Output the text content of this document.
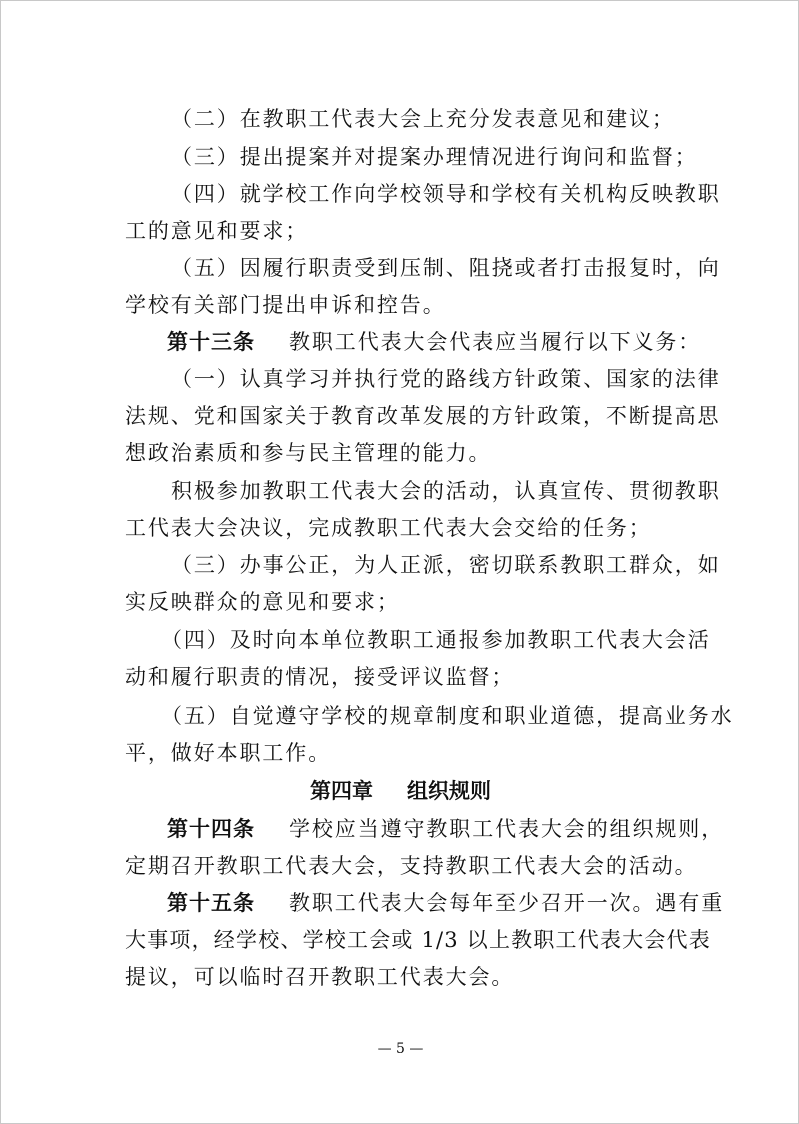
（二）在教职工代表大会上充分发表意见和建议；
（三）提出提案并对提案办理情况进行询问和监督；
（四）就学校工作向学校领导和学校有关机构反映教职
工的意见和要求；
（五）因履行职责受到压制、阻挠或者打击报复时，向
学校有关部门提出申诉和控告。
第十三条 教职工代表大会代表应当履行以下义务：
（一）认真学习并执行党的路线方针政策、国家的法律
法规、党和国家关于教育改革发展的方针政策，不断提高思
想政治素质和参与民主管理的能力。
积极参加教职工代表大会的活动，认真宣传、贯彻教职
工代表大会决议，完成教职工代表大会交给的任务；
（三）办事公正，为人正派，密切联系教职工群众，如
实反映群众的意见和要求；
（四）及时向本单位教职工通报参加教职工代表大会活
动和履行职责的情况，接受评议监督；
（五）自觉遵守学校的规章制度和职业道德，提高业务水
平，做好本职工作。
第四章 组织规则
第十四条 学校应当遵守教职工代表大会的组织规则，
定期召开教职工代表大会，支持教职工代表大会的活动。
第十五条 教职工代表大会每年至少召开一次。遇有重
大事项，经学校、学校工会或 1/3 以上教职工代表大会代表
提议，可以临时召开教职工代表大会。
— 5 —
